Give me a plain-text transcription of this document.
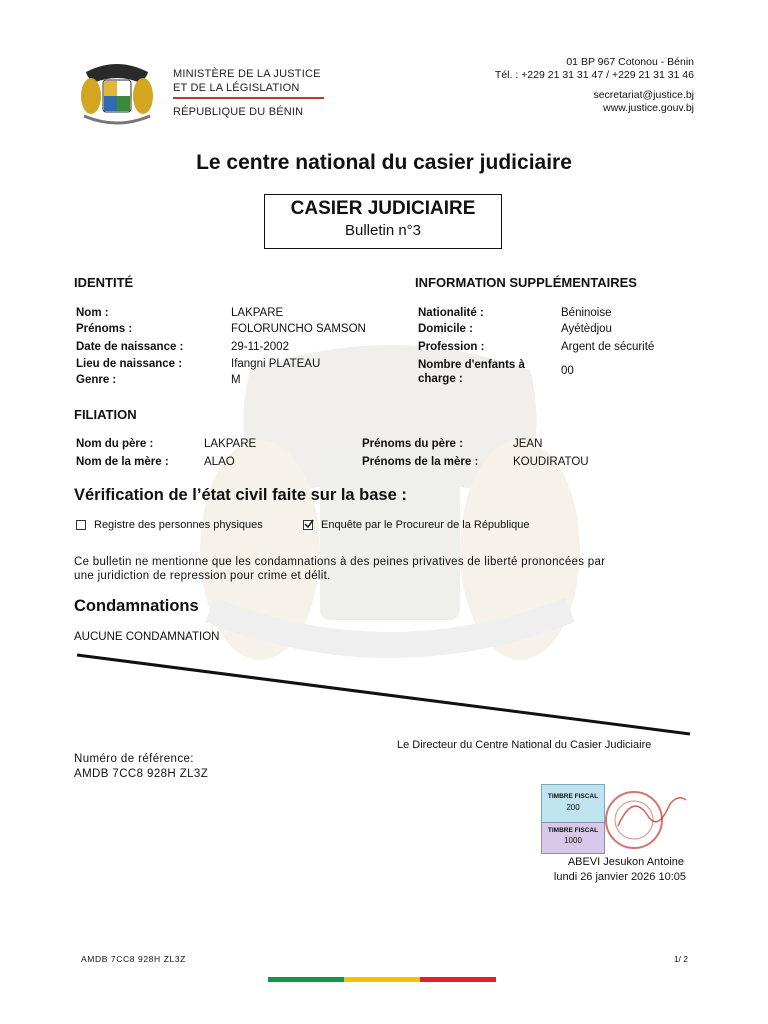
MINISTÈRE DE LA JUSTICE
ET DE LA LÉGISLATION
RÉPUBLIQUE DU BÉNIN
01 BP 967 Cotonou - Bénin
Tél. : +229 21 31 31 47 / +229 21 31 31 46
secretariat@justice.bj
www.justice.gouv.bj
Le centre national du casier judiciaire
CASIER JUDICIAIRE
Bulletin n°3
IDENTITÉ
Nom :	LAKPARE
Prénoms :	FOLORUNCHO SAMSON
Date de naissance :	29-11-2002
Lieu de naissance :	Ifangni PLATEAU
Genre :	M
INFORMATION SUPPLÉMENTAIRES
Nationalité :	Béninoise
Domicile :	Ayétèdjou
Profession :	Argent de sécurité
Nombre d'enfants à
charge :
00
FILIATION
Nom du père :	LAKPARE	Prénoms du père :	JEAN
Nom de la mère :	ALAO	Prénoms de la mère :	KOUDIRATOU
Vérification de l’état civil faite sur la base :
Registre des personnes physiques	Enquête par le Procureur de la République
Ce bulletin ne mentionne que les condamnations à des peines privatives de liberté prononcées par
une juridiction de repression pour crime et délit.
Condamnations
AUCUNE CONDAMNATION
Le Directeur du Centre National du Casier Judiciaire
Numéro de référence:
AMDB 7CC8 928H ZL3Z
TIMBRE FISCAL
200
TIMBRE FISCAL
1000
ABEVI Jesukon Antoine
lundi 26 janvier 2026 10:05
AMDB 7CC8 928H ZL3Z	1/ 2
